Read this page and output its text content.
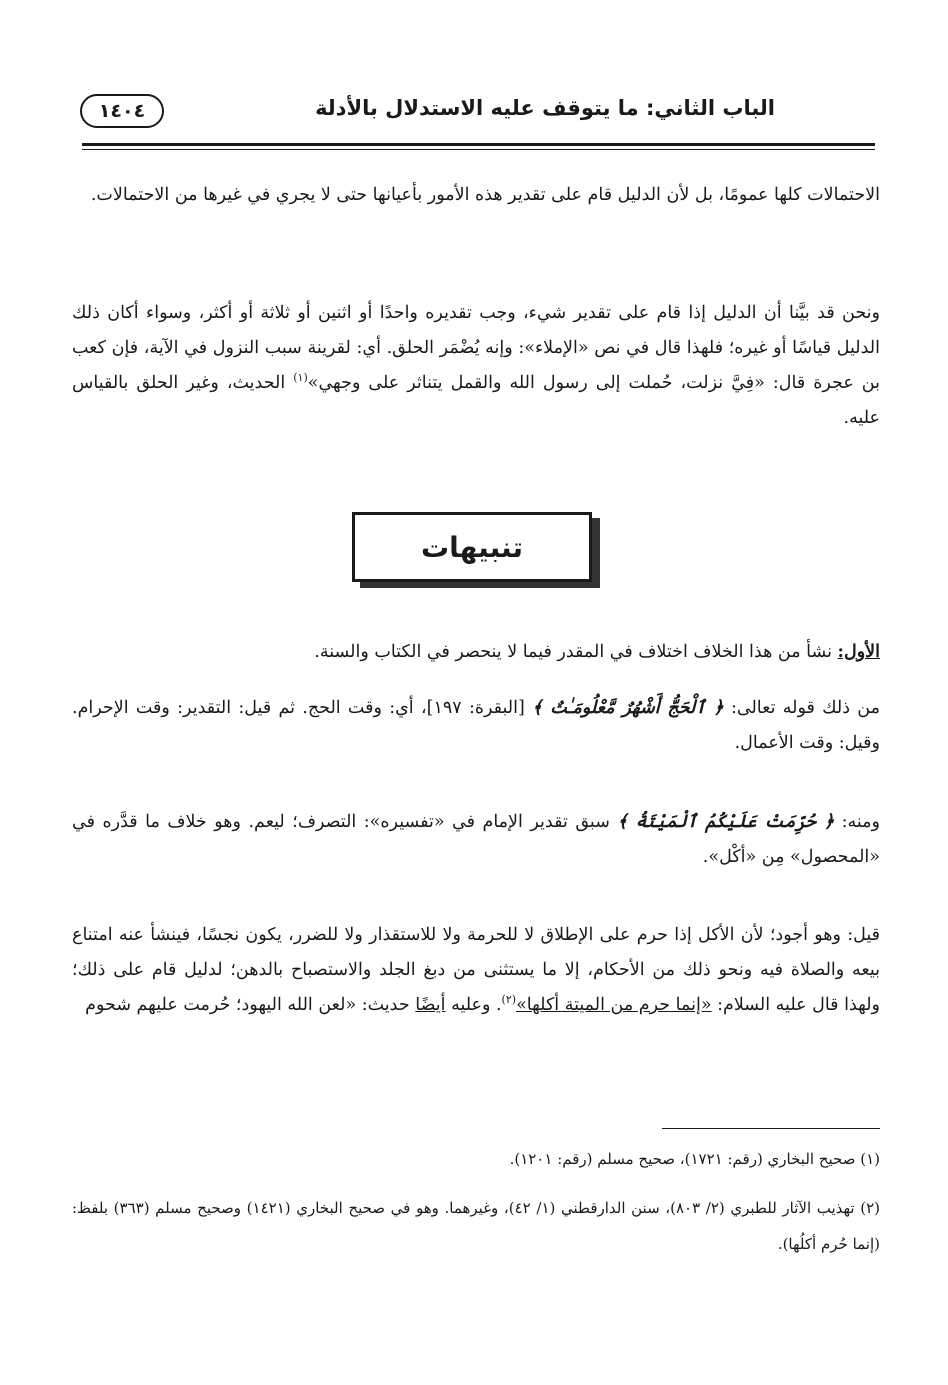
الباب الثاني: ما يتوقف عليه الاستدلال بالأدلة
١٤٠٤

الاحتمالات كلها عمومًا، بل لأن الدليل قام على تقدير هذه الأمور بأعيانها حتى لا يجري في غيرها من الاحتمالات.

ونحن قد بيَّنا أن الدليل إذا قام على تقدير شيء، وجب تقديره واحدًا أو اثنين أو ثلاثة أو أكثر، وسواء أكان ذلك الدليل قياسًا أو غيره؛ فلهذا قال في نص «الإملاء»: وإنه يُضْمَر الحلق. أي: لقرينة سبب النزول في الآية، فإن كعب بن عجرة قال: «فِيَّ نزلت، حُملت إلى رسول الله والقمل يتناثر على وجهي»$^{(١)}$ الحديث، وغير الحلق بالقياس عليه.

تنبيهات

الأول: نشأ من هذا الخلاف اختلاف في المقدر فيما لا ينحصر في الكتاب والسنة.

من ذلك قوله تعالى: ﴿ ٱلْحَجُّ أَشْهُرٌ مَّعْلُومَـٰتٌ ﴾ [البقرة: ١٩٧]، أي: وقت الحج. ثم قيل: التقدير: وقت الإحرام. وقيل: وقت الأعمال.

ومنه: ﴿ حُرِّمَتْ عَلَيْكُمُ ٱلْمَيْتَةُ ﴾ سبق تقدير الإمام في «تفسيره»: التصرف؛ ليعم. وهو خلاف ما قدَّره في «المحصول» مِن «أكْل».

قيل: وهو أجود؛ لأن الأكل إذا حرم على الإطلاق لا للحرمة ولا للاستقذار ولا للضرر، يكون نجسًا، فينشأ عنه امتناع بيعه والصلاة فيه ونحو ذلك من الأحكام، إلا ما يستثنى من دبغ الجلد والاستصباح بالدهن؛ لدليل قام على ذلك؛ ولهذا قال عليه السلام: «إنما حرم من الميتة أكلها»$^{(٢)}$. وعليه أيضًا حديث: «لعن الله اليهود؛ حُرمت عليهم شحوم

(١) صحيح البخاري (رقم: ١٧٢١)، صحيح مسلم (رقم: ١٢٠١).

(٢) تهذيب الآثار للطبري (٢/ ٨٠٣)، سنن الدارقطني (١/ ٤٢)، وغيرهما. وهو في صحيح البخاري (١٤٢١) وصحيح مسلم (٣٦٣) بلفظ: (إنما حُرم أكلُها).
